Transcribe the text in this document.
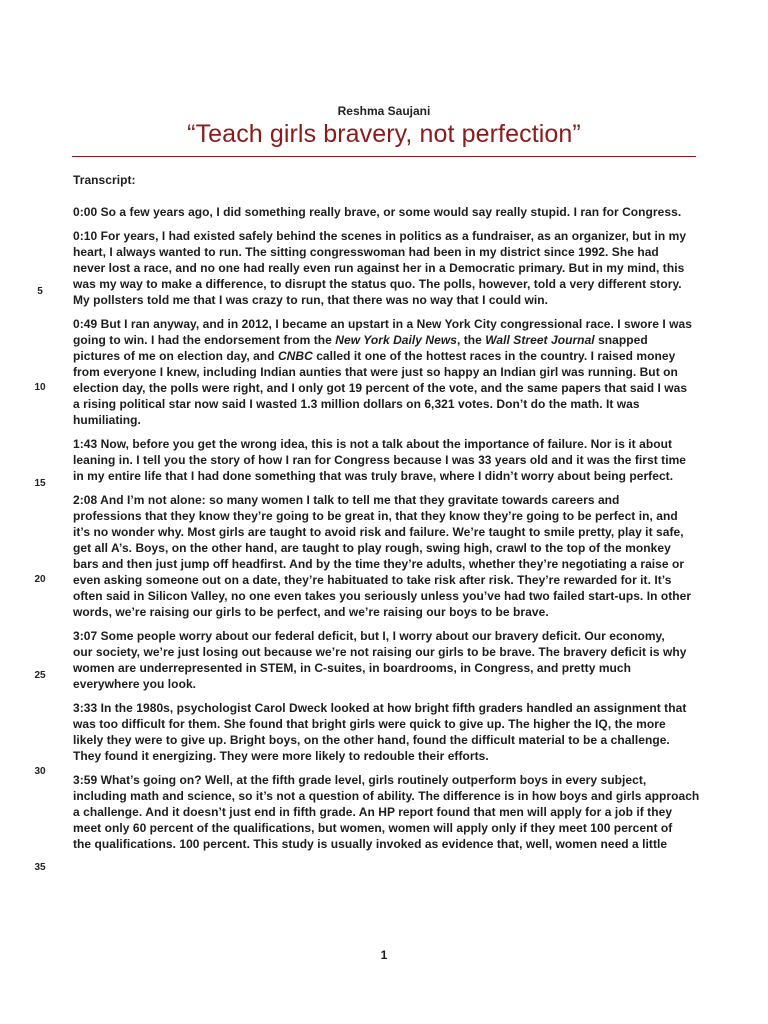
Reshma Saujani
“Teach girls bravery, not perfection”
5
10
15
20
25
30
35

Transcript:

0:00 So a few years ago, I did something really brave, or some would say really stupid. I ran for Congress.

0:10 For years, I had existed safely behind the scenes in politics as a fundraiser, as an organizer, but in my
heart, I always wanted to run. The sitting congresswoman had been in my district since 1992. She had
never lost a race, and no one had really even run against her in a Democratic primary. But in my mind, this
was my way to make a difference, to disrupt the status quo. The polls, however, told a very different story.
My pollsters told me that I was crazy to run, that there was no way that I could win.

0:49 But I ran anyway, and in 2012, I became an upstart in a New York City congressional race. I swore I was
going to win. I had the endorsement from the New York Daily News, the Wall Street Journal snapped
pictures of me on election day, and CNBC called it one of the hottest races in the country. I raised money
from everyone I knew, including Indian aunties that were just so happy an Indian girl was running. But on
election day, the polls were right, and I only got 19 percent of the vote, and the same papers that said I was
a rising political star now said I wasted 1.3 million dollars on 6,321 votes. Don’t do the math. It was
humiliating.

1:43 Now, before you get the wrong idea, this is not a talk about the importance of failure. Nor is it about
leaning in. I tell you the story of how I ran for Congress because I was 33 years old and it was the first time
in my entire life that I had done something that was truly brave, where I didn’t worry about being perfect.

2:08 And I’m not alone: so many women I talk to tell me that they gravitate towards careers and
professions that they know they’re going to be great in, that they know they’re going to be perfect in, and
it’s no wonder why. Most girls are taught to avoid risk and failure. We’re taught to smile pretty, play it safe,
get all A’s. Boys, on the other hand, are taught to play rough, swing high, crawl to the top of the monkey
bars and then just jump off headfirst. And by the time they’re adults, whether they’re negotiating a raise or
even asking someone out on a date, they’re habituated to take risk after risk. They’re rewarded for it. It’s
often said in Silicon Valley, no one even takes you seriously unless you’ve had two failed start-ups. In other
words, we’re raising our girls to be perfect, and we’re raising our boys to be brave.

3:07 Some people worry about our federal deficit, but I, I worry about our bravery deficit. Our economy,
our society, we’re just losing out because we’re not raising our girls to be brave. The bravery deficit is why
women are underrepresented in STEM, in C-suites, in boardrooms, in Congress, and pretty much
everywhere you look.

3:33 In the 1980s, psychologist Carol Dweck looked at how bright fifth graders handled an assignment that
was too difficult for them. She found that bright girls were quick to give up. The higher the IQ, the more
likely they were to give up. Bright boys, on the other hand, found the difficult material to be a challenge.
They found it energizing. They were more likely to redouble their efforts.

3:59 What’s going on? Well, at the fifth grade level, girls routinely outperform boys in every subject,
including math and science, so it’s not a question of ability. The difference is in how boys and girls approach
a challenge. And it doesn’t just end in fifth grade. An HP report found that men will apply for a job if they
meet only 60 percent of the qualifications, but women, women will apply only if they meet 100 percent of
the qualifications. 100 percent. This study is usually invoked as evidence that, well, women need a little

1
